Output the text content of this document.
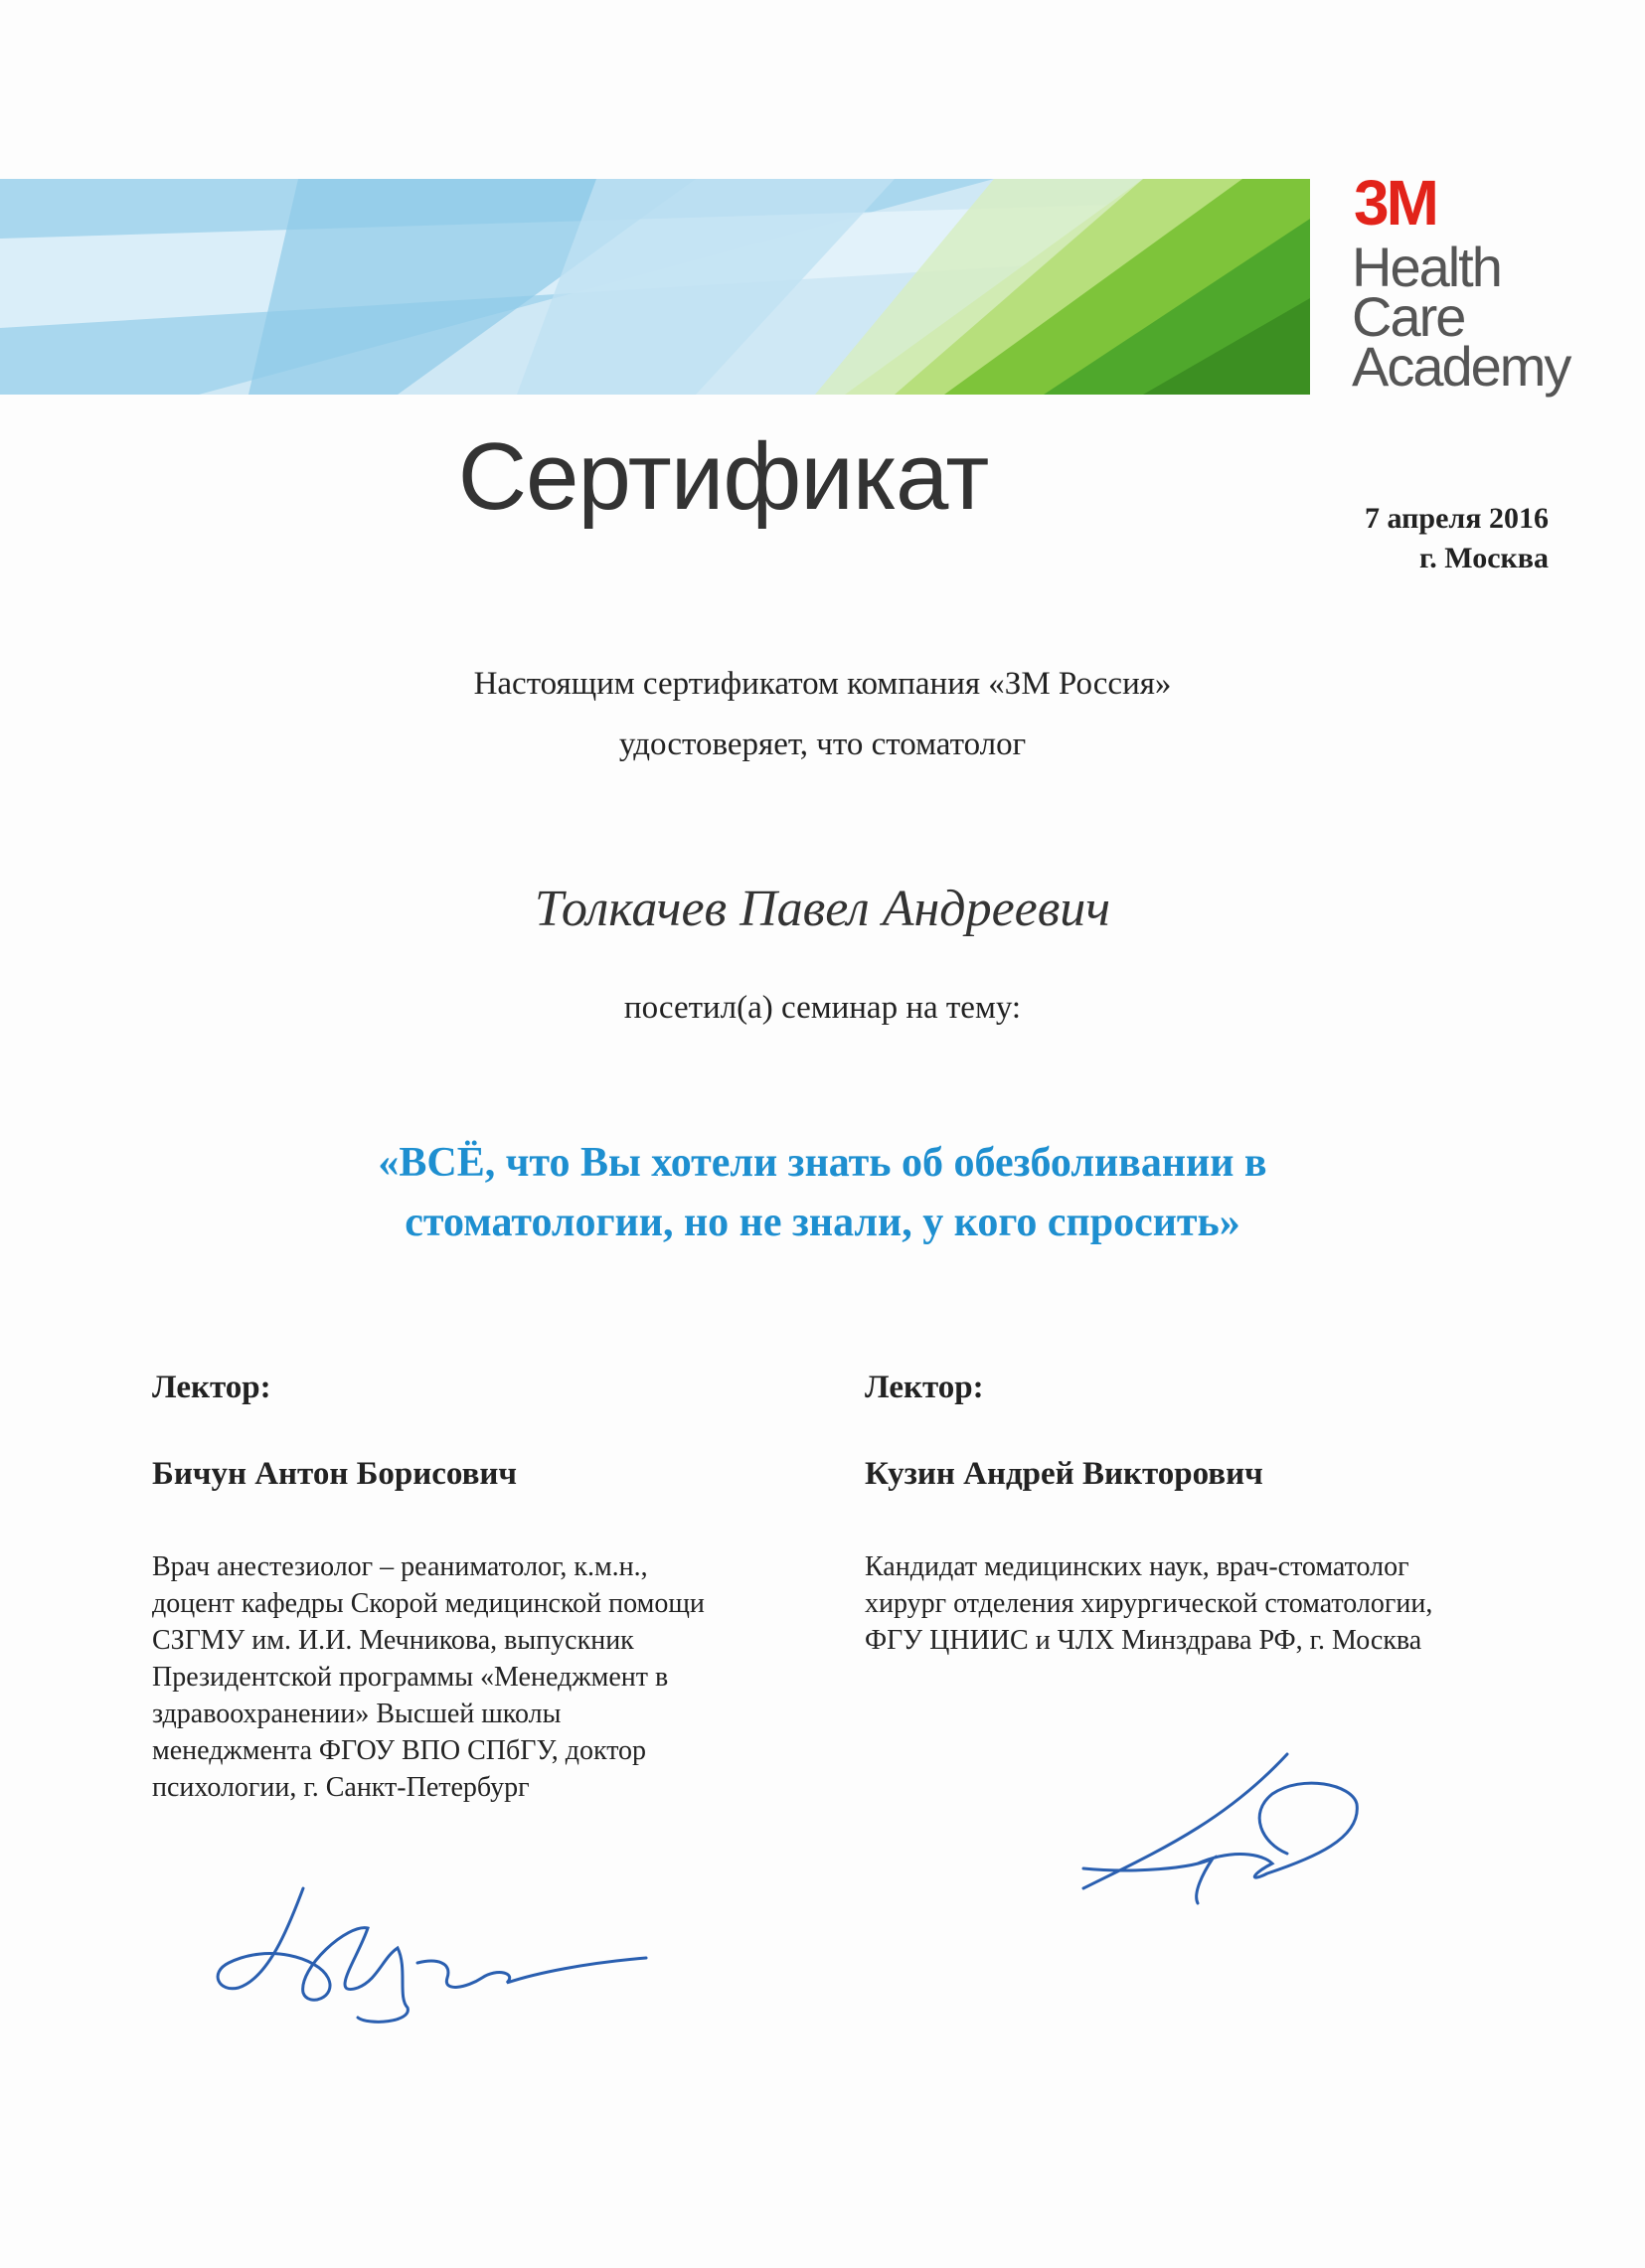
3M
Health
Care
Academy
Сертификат	7 апреля 2016
г. Москва
Настоящим сертификатом компания «ЗМ Россия»
удостоверяет, что стоматолог
Толкачев Павел Андреевич
посетил(а) семинар на тему:
«ВСЁ, что Вы хотели знать об обезболивании в
стоматологии, но не знали, у кого спросить»
Лектор:
Бичун Антон Борисович
Врач анестезиолог – реаниматолог, к.м.н.,
доцент кафедры Скорой медицинской помощи
СЗГМУ им. И.И. Мечникова, выпускник
Президентской программы «Менеджмент в
здравоохранении» Высшей школы
менеджмента ФГОУ ВПО СПбГУ, доктор
психологии, г. Санкт-Петербург
Лектор:
Кузин Андрей Викторович
Кандидат медицинских наук, врач-стоматолог
хирург отделения хирургической стоматологии,
ФГУ ЦНИИС и ЧЛХ Минздрава РФ, г. Москва
